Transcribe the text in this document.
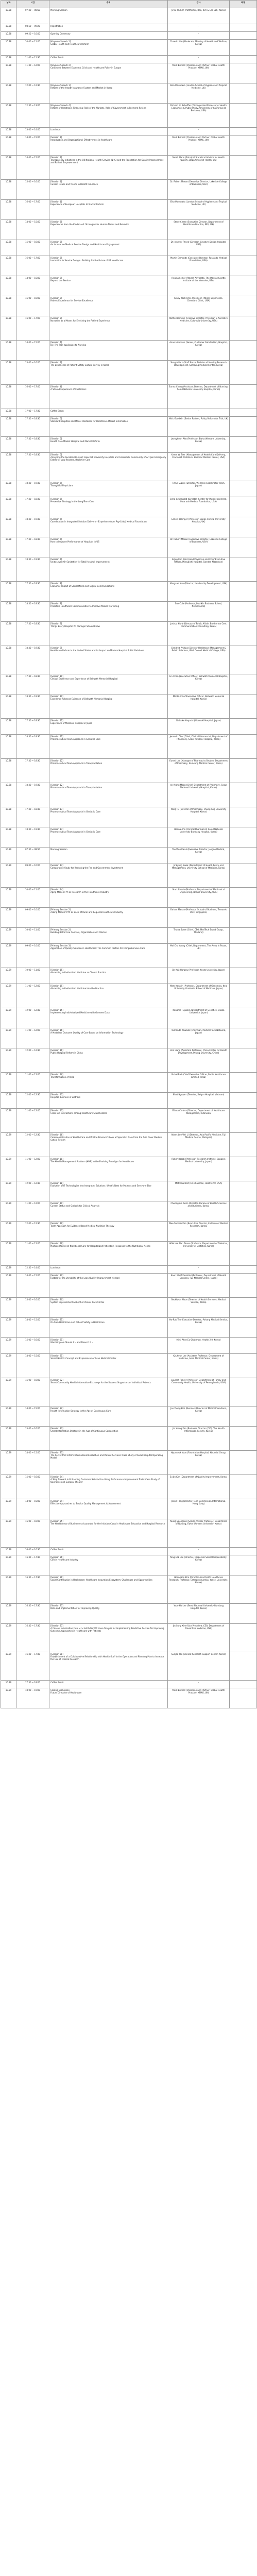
날짜	시간	주제	강사	좌장
10.28	07:30 ~ 08:50	Morning Session	Jinsu Ph.Kim (Pathfinder, Bae, Kim & Lee LLC, Korea)
10.28	08:50 ~ 09:20	Registration	-
10.28	09:20 ~ 10:00	Opening Ceremony	-
10.28	10:00 ~ 11:00	[Keynote Speech 1]
Global Health and Healthcare Reform
Chaerin Kim (Moderate, Ministry of Health and Welfare, Korea)
10.28	11:00 ~ 11:30	Coffee Break	-
10.28	11:30 ~ 12:00	[Keynote Speech 2]
Continued Between Economic Crisis and Healthcare Policy in Europe
Mark Britnell (Chairman and Partner, Global Health Practice, KPMG, UK)
10.28	12:00 ~ 12:30	[Keynote Speech 3]
Reform of the Health Insurance System and Market in Korea
Eiko Masuzaka (London School of Hygiene and Tropical Medicine, UK)
10.28	12:30 ~ 13:00	[Keynote Speech 4]
Reform of Healthcare Financing: Role of the Markets, Role of Government in Payment Reform
Richard M. Scheffler (Distinguished Professor of Health Economics & Public Policy, University of California at Berkeley, USA)
10.28	13:00 ~ 14:00	Luncheon	-
10.28	14:00 ~ 15:00	[Session 1]
Introduction and Organizational Effectiveness in Healthcare
Mark Britnell (Chairman and Partner, Global Health Practice, KPMG, UK)
10.28	14:00 ~ 15:00	[Session 1]
Transparency Initiatives in the UK National Health Service (NHS) and the Foundation for Quality Improvement and Patient Empowerment
Sarah Mann (Principal Statistical Advisor for Health Quality, Department of Health, UK)
10.28	15:00 ~ 16:00	[Session 1]
Current Issues and Trends in Health Insurance
Dr. Robert Mason (Executive Director, Lakeside College of Business, USA)
10.28	16:00 ~ 17:00	[Session 1]
Experience of European Hospitals to Market Reform
Eiko Masuzaka (London School of Hygiene and Tropical Medicine, UK)
10.28	14:00 ~ 15:00	[Session 2]
Experiences from the Kinder soll: Strategies for Human Needs and Behavior
Steve Chase (Executive Director, Department of Healthcare Practice, SEV, US)
10.28	15:00 ~ 16:00	[Session 2]
An Innovative Medical Service Design and Healthcare Engagement
Dr. Jennifer Pavek (Director, Creative Design Hospital, USA)
10.28	16:00 ~ 17:00	[Session 2]
Innovation in Service Design - Building for the Future of US Healthcare
Martin Edmonds (Executive Director, Pasa ado Medical Foundation, USA)
10.28	14:00 ~ 15:00	[Session 3]
Beyond the Service
Regina Felker (Patient Advocate, The Massachusetts Institute of the Intensive, USA)
10.28	15:00 ~ 16:00	[Session 3]
Patient Experience for Service Excellence
Ginny Koch (Vice President, Patient Experience, Cleveland Clinic, USA)
10.28	16:00 ~ 17:00	[Session 3]
Narrative as a Means for Enriching the Patient Experience
Nettie Herndon (Creative Director, Physician & Narrative Medicine, Columbia University, USA)
10.28	14:00 ~ 15:00	[Session 4]
JCI: The Plan applicable to Nursing
Anne Hirrmann (Senior, Customer Satisfaction, Hospital, Korea)
10.28	15:00 ~ 16:00	[Session 4]
The Experience of Patient Safety Culture Survey in Korea
Sung A Park (Staff Nurse, Division of Nursing Research Development, Samsung Medical Center, Korea)
10.28	16:00 ~ 17:00	[Session 4]
A Shared Experience of Customers
Eunna Cheng (Assistant Director, Department of Nursing, Seoul National University Hospital, Korea)
10.28	17:00 ~ 17:30	Coffee Break	-
10.28	17:30 ~ 18:30	[Session 5]
Standard Hospitals and Model Obstacles for Healthcare Market Information
Mick Goodwin (Senior Partner, Policy Reform for Trial, UK)
10.28	17:30 ~ 18:30	[Session 5]
Health Care Market Hospital and Market Reform
Jeonghoon Ahn (Professor, Ewha Womans University, Korea)
10.28	17:30 ~ 18:30	[Session 6]
Analyzing the Invisible Be-Meet: How Did University Hospitals and Grassroots Community Effect Join Emergency Elders for Low Readers, Healthier Care
Karen W. Teer (Management of Health Care Delivery, Cincinnati Children's Hospital Medical Center, USA)
10.28	18:30 ~ 19:30	[Session 6]
Thoughtful Physicians
Timur Suzuki (Director, Wellness Coordinator Team, Japan)
10.28	17:30 ~ 18:30	[Session 6]
Preventive Strategy in the Long-Term Care
Elma Grunewald (Director, Center for Patient-centered, Pasa ado Medical Foundation, USA)
10.28	18:30 ~ 19:30	[Session 7]
Coordination in Integrated Solution Delivery – Experience from Pay4 (ttb) Medical Foundation
Lorien Bollinger (Professor, Sanoe Clinical University Hospital, UK)
10.28	17:30 ~ 18:30	[Session 7]
How to Improve Performance of Hospitals in US
Dr. Robert Mason (Executive Director, Lakeside College of Business, USA)
10.28	18:30 ~ 19:30	[Session 7]
Units Lever: Or Sanitation for Total Hospital Improvement
Ingen Kim Kim (Head Physician and Chief Executive Officer, Mitsubishi Hospital, Sweden Mazadran)
10.28	17:30 ~ 18:30	[Session 8]
Economic Impact of Social Media and Digital Communications
Margaret Hsu (Director, Leadership Development, USA)
10.28	18:30 ~ 19:30	[Session 8]
Proactive Healthcare Communication to Improve Mobile Marketing
Sue Cole (Professor, Pushkin Business School, Netherlands)
10.28	17:30 ~ 18:30	[Session 9]
Things Every Hospital PR Manager Should Know
Joshua Hunt (Director of Public Affairs Brotherton Cent Communication Consulting, Korea)
10.28	18:30 ~ 19:30	[Session 9]
Healthcare Reform in the United States and its Impact on Modern Hospital Public Relations
Gendred Phillips (Director Healthcare Management & Public Relations, Weill Cornell Medical College, USA)
10.28	17:30 ~ 18:30	[Session 10]
Clinical Excellence and Experience of Bellwath Memorial Hospital
Lin Chen (Executive Officer, Bellwath Memorial Hospital, Korea)
10.28	18:30 ~ 19:30	[Session 10]
Excellence Advance Evidence of Bellwath Memorial Hospital
Mel Li (Chief Executive Officer, Bellwath Memorial Hospital, Korea)
10.28	17:30 ~ 18:30	[Session 11]
Experience of Mizonoki Hospital in Japan
Daisuke Hayashi (Mizonoki Hospital, Japan)
10.28	18:30 ~ 19:30	[Session 11]
Pharmaceutical Team Approach in Geriatric Care
Jeonmin Choi (Chief, Clinical Pharmacist, Department of Pharmacy, Seoul National Hospital, Korea)
10.28	17:30 ~ 18:30	[Session 12]
Pharmaceutical Team Approach in Transplantation
Eunmi Lee (Manager of Pharmacist Section, Department of Pharmacy, Samsung Medical Center, Korea)
10.28	18:30 ~ 19:30	[Session 12]
Pharmaceutical Team Approach in Transplantation
Jin Yeong Moon (Chief, Department of Pharmacy, Seoul National University Hospital, Korea)
10.28	17:30 ~ 18:30	[Session 13]
Pharmaceutical Team Approach in Geriatric Care
Wing Fu (Director of Pharmacy, Chung Ang University Hospital, Korea)
10.28	18:30 ~ 19:30	[Session 13]
Pharmaceutical Team Approach in Geriatric Care
Hanna Ahn (Clinical Pharmacist, Seoul National University Bundang Hospital, Korea)
10.29	07:30 ~ 08:50	Morning Session	Tae-Won Kwak (Executive Director, Jongno Medical, Korea)
10.29	09:00 ~ 10:00	[Session 14]
Comparative Study for Reducing the Fee and Government Investment
Jinkyung Kwak (Department of Health Policy and Management, University School of Medicine, Korea)
10.29	10:00 ~ 11:00	[Session 14]
Aging Models: PP as Research in the Healthcare Industry
Mark Rossin (Professor, Department of Mechanical Engineering, Drexel University, USA)
10.29	09:00 ~ 10:00	[Primary Session 2]
Asking Models' PPP as Basis of Rural and Regional Healthcare Industry
Farhan Manan (Professor, School of Business, Temasek Univ, Singapore)
10.29	10:00 ~ 11:00	[Primary Session 2]
Building Better Fee Controls, Organization and Policies
Thana Soree (Chief, CEO, MedTech Brand Group, Thailand)
10.29	09:00 ~ 10:00	[Primary Session 3]
Application of Quality Solution in Healthcare: The Common Factors for Comprehensive Care
Mol Cha Young (Chief, Department, The Army in Pusan, UK)
10.29	10:00 ~ 11:00	[Session 15]
Advancing Individualized Medicine as Clinical Practice
Dr. Kaji Hanzou (Professor, Kyoto University, Japan)
10.29	11:00 ~ 12:00	[Session 15]
Advancing Individualized Medicine into the Practice
Mark Kasarin (Professor, Department of Genomics, Keio University Graduate School of Medicine, Japan)
10.29	12:00 ~ 12:30	[Session 15]
Implementing Individualized Medicine with Genome Data
Kaname Fujiwara (Department of Genetics, Osaka University, Japan)
10.29	11:00 ~ 12:00	[Session 16]
A Model for Outcome Quality of Care Based on Information Technology
Toshitada Kawada (Chairman, Medical Tech Network, Japan)
10.29	12:00 ~ 12:30	[Session 16]
Public Hospital Reform in China
Lilin Liang (Assistant Professor, China Center for Health Development, Peking University, China)
10.29	11:00 ~ 12:00	[Session 16]
Transformation of India
Vishal Bali (Chief Executive Officer, Fortis Healthcare Limited, India)
10.29	12:00 ~ 12:30	[Session 17]
Hospital Business in Vietnam
Nhat Nguyen (Director, Saigon Hospital, Vietnam)
10.29	11:00 ~ 12:00	[Session 17]
Cross-Set Interactions among Healthcare Stakeholders
Eliana Chrima (Director, Department of Healthcare Management, Indonesia)
10.29	12:00 ~ 12:30	[Session 18]
Commercialization of Health Care and IT: One Province's Look at Specialist Care from the Asia Fever Medical School Reform
Albert Lee Wei Li (Director, Asia Pacific Medicine, Fuji Medical Centre, Malaysia)
10.29	11:00 ~ 12:00	[Session 18]
The Health Management Platform (HMP) in the Evolving Paradigm for Healthcare
Robert Jacob (Professor, Research Institute, Sapporo Medical University, Japan)
10.29	12:00 ~ 12:30	[Session 18]
Evolution of IT Technologies into Integrated Solutions: What's Next for Patients and Everyone Else
Matthew Holt (Co-Chairman, Health 2.0, USA)
10.29	11:00 ~ 12:00	[Session 19]
Current Status and Outlook for Clinical Analysis
Cheongmin Sohn (Director, Bureau of Health Sciences and Business, Korea)
10.29	12:00 ~ 12:30	[Session 19]
Team Approach for Evidence Based Medical Nutrition Therapy
Mee Soomin Kim (Executive Director, Institute of Medical Research, Korea)
10.29	11:00 ~ 12:00	[Session 19]
Multiple Models of Nutritional Care for Hospitalized Patients in Response to the Nutritional Needs
Wiletzek Alan Flores (Professor, Department of Dietetics, University of Dietetics, Korea)
10.29	12:30 ~ 14:00	Luncheon	-
10.29	14:00 ~ 15:00	[Session 20]
Factors for the Versatility of the Lean Quality Improvement Method
Kaen Wolff Kleinfeld (Professor, Department of Health Services, Fuji Medical Centre, Japan)
10.29	15:00 ~ 16:00	[Session 20]
System Improvement as by the Chronic Care Cortex
Seokhyun Moon (Director of Health Services, Medical Service, Korea)
10.29	14:00 ~ 15:00	[Session 21]
On Safe Healthcare and Patient Safety in Healthcare
Ho-Rak Toh (Executive Director, Pohang Medical Service, Korea)
10.29	15:00 ~ 16:00	[Session 21]
Was Mingcoln Should It – and Doesn't It –
Minji Ahn (Co-Chairman, Health 2.0, Korea)
10.29	14:00 ~ 15:00	[Session 21]
Smart Health: Concept and Experiences of Asan Medical Center
Kyuhyun Lee (Assistant Professor, Department of Medicine, Asan Medical Center, Korea)
10.29	15:00 ~ 16:00	[Session 22]
Smart Community Health-Information-Exchange for the Success Supporters of Individual Patients
Laurent Rohrer (Professor, Department of Family and Community Health, University of Pennsylvania, USA)
10.29	14:00 ~ 15:00	[Session 22]
Health Information Strategy in the Age of Continuous Care
Jon Young Kim (Business Director of Medical Solutions, Korea)
10.29	15:00 ~ 16:00	[Session 23]
Smart Information Strategy in the Age of Continuous Competition
Jin Yeong Kim (Business Director (CIO), The Health Information Society, Korea)
10.29	14:00 ~ 15:00	[Session 23]
The Secret that Inform International Evaluation and Patient Services: Case Study of Seoul Hospital Operating Model
Hyunseok Yoon (Foundation Hospital, Hyundai Group, Korea)
10.29	15:00 ~ 16:00	[Session 24]
A Step Forward in Enhancing Customer Satisfaction Using Performance Improvement Tools: Case Study of Operative and Surgical Theater
Su Jin Kim (Department of Quality Improvement, Korea)
10.29	14:00 ~ 15:00	[Session 24]
Effective Approaches to Service Quality Management & Assessment
Jessie Fong (Director, Joint Commission International, Hong Kong)
10.29	15:00 ~ 16:00	[Session 25]
The Healthiness of Businesses Accounted for the Infusion Costs in Healthcare Education and Hospital Research
Young-Sook Jeon (Senior Advisor Professor, Department of Nursing, Ewha Womans University, Korea)
10.29	16:00 ~ 16:30	Coffee Break	-
10.29	16:30 ~ 17:30	[Session 26]
CSR in Healthcare Industry
Yong Eok Lee (Director, Corporate Social Responsibility, Korea)
10.29	16:30 ~ 17:30	[Session 26]
Social Contribution in Healthcare: Healthcare Innovation Ecosystem: Challenges and Opportunities
Hoon-Gon Kim (Director Asia Pacific Healthcare Research, Professor, Entrepreneurship, Yonsei University, Korea)
10.29	16:30 ~ 17:30	[Session 27]
Data and Implementation for Improving Quality
Yoon-Ho Lee (Seoul National University Bundang Hospital, Korea)
10.29	16:30 ~ 17:30	[Session 27]
A Case of Information Flow <-> Institution/PC case Analysis for Implementing Predictive Service for Improving Outcome Approaches in Healthcare with Patients
Jin Sung Kim (Vice President, CEO, Department of Preventive Medicine, USA)
10.29	16:30 ~ 17:30	[Session 28]
Establishment of a Collaborative Relationship with Health-Staff in the Operation and Planning Plan to Increase the Use of Clinical Research
Sunjoo Yoo (Clinical Research Support Center, Korea)
10.29	17:30 ~ 18:00	Coffee Break	-
10.29	18:00 ~ 19:00	Closing Discussion
Future Direction of Healthcare
Mark Britnell (Chairman and Partner, Global Health Practice, KPMG, UK)
